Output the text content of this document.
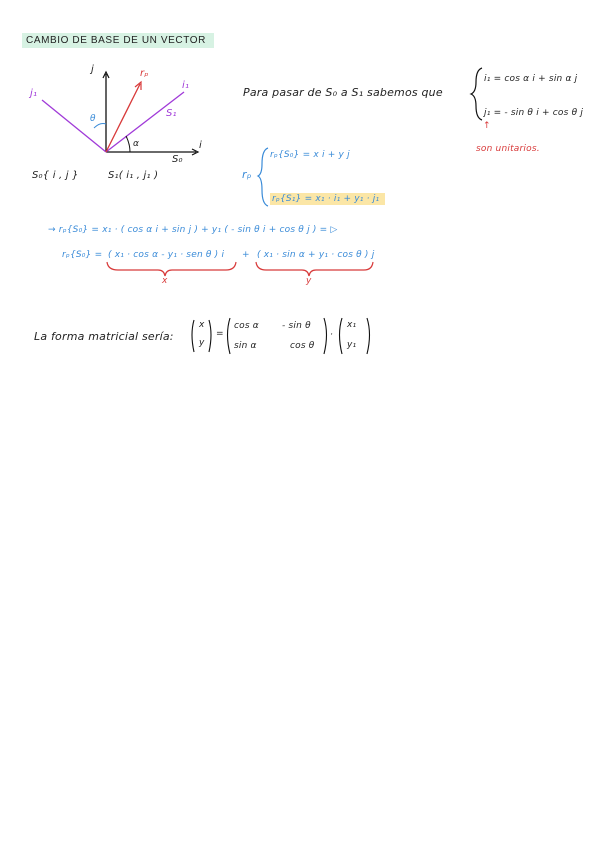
CAMBIO DE BASE DE UN VECTOR
j
i
S₀
S₁
rₚ
i₁
j₁
θ
α
S₀{ i , j }	S₁( i₁ , j₁ )
Para pasar de S₀ a S₁ sabemos que
i₁ = cos α i + sin α j
j₁ = - sin θ i + cos θ j
↑
son unitarios.
rₚ
rₚ{S₀} = x i + y j
rₚ{S₁} = x₁ · i₁ + y₁ · j₁
→ rₚ{S₀} = x₁ · ( cos α i + sin j ) + y₁ ( - sin θ i + cos θ j ) = ▷
rₚ{S₀} = ( x₁ · cos α - y₁ · sen θ ) i + ( x₁ · sin α + y₁ · cos θ ) j
x	y
La forma matricial sería:
x
y
=
cos α	- sin θ
sin α	cos θ
·
x₁
y₁
